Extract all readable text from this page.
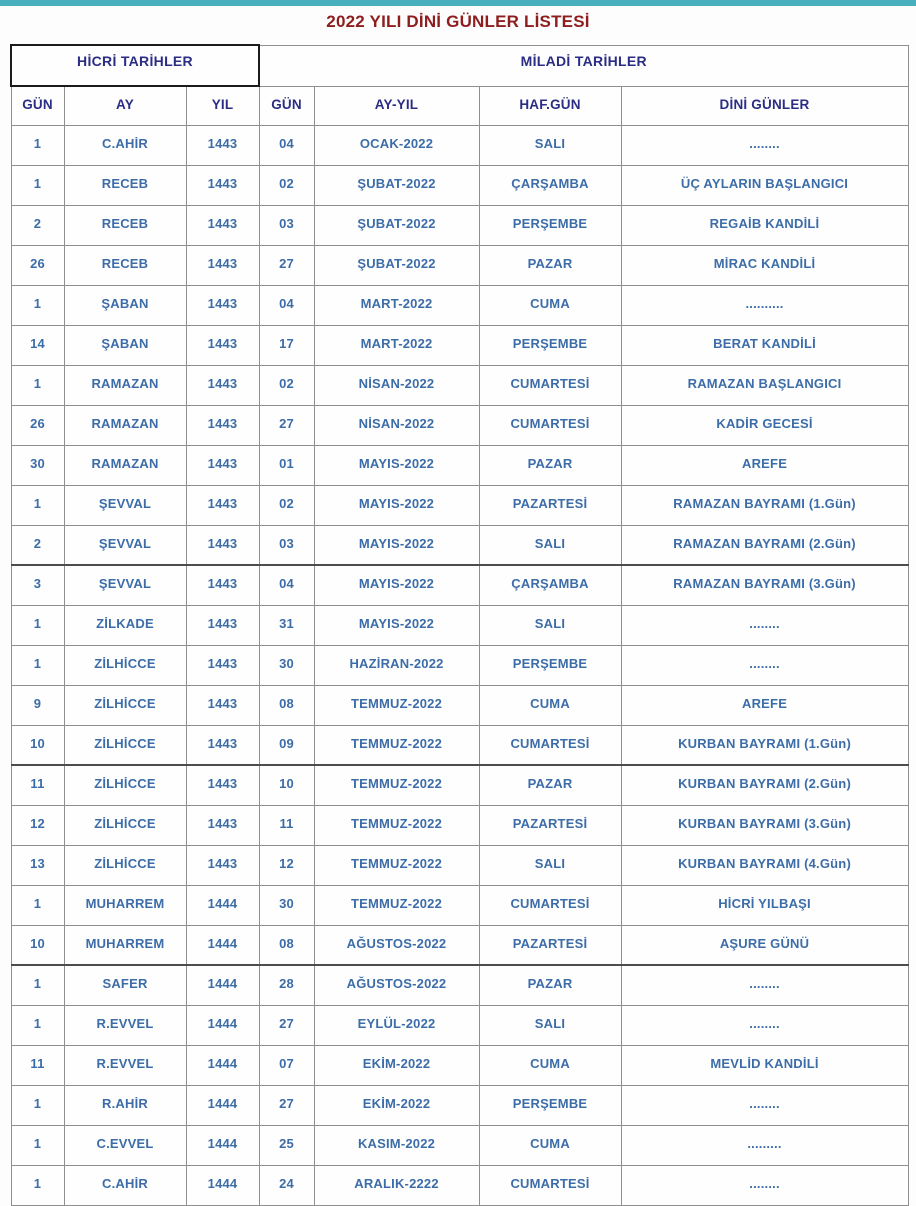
2022 YILI DİNİ GÜNLER LİSTESİ
HİCRİ TARİHLER			MİLADİ TARİHLER			
GÜN	AY	YIL	GÜN	AY-YIL	HAF.GÜN	DİNİ GÜNLER
1	C.AHİR	1443	04	OCAK-2022	SALI	........
1	RECEB	1443	02	ŞUBAT-2022	ÇARŞAMBA	ÜÇ AYLARIN BAŞLANGICI
2	RECEB	1443	03	ŞUBAT-2022	PERŞEMBE	REGAİB KANDİLİ
26	RECEB	1443	27	ŞUBAT-2022	PAZAR	MİRAC KANDİLİ
1	ŞABAN	1443	04	MART-2022	CUMA	..........
14	ŞABAN	1443	17	MART-2022	PERŞEMBE	BERAT KANDİLİ
1	RAMAZAN	1443	02	NİSAN-2022	CUMARTESİ	RAMAZAN BAŞLANGICI
26	RAMAZAN	1443	27	NİSAN-2022	CUMARTESİ	KADİR GECESİ
30	RAMAZAN	1443	01	MAYIS-2022	PAZAR	AREFE
1	ŞEVVAL	1443	02	MAYIS-2022	PAZARTESİ	RAMAZAN BAYRAMI (1.Gün)
2	ŞEVVAL	1443	03	MAYIS-2022	SALI	RAMAZAN BAYRAMI (2.Gün)
3	ŞEVVAL	1443	04	MAYIS-2022	ÇARŞAMBA	RAMAZAN BAYRAMI (3.Gün)
1	ZİLKADE	1443	31	MAYIS-2022	SALI	........
1	ZİLHİCCE	1443	30	HAZİRAN-2022	PERŞEMBE	........
9	ZİLHİCCE	1443	08	TEMMUZ-2022	CUMA	AREFE
10	ZİLHİCCE	1443	09	TEMMUZ-2022	CUMARTESİ	KURBAN BAYRAMI (1.Gün)
11	ZİLHİCCE	1443	10	TEMMUZ-2022	PAZAR	KURBAN BAYRAMI (2.Gün)
12	ZİLHİCCE	1443	11	TEMMUZ-2022	PAZARTESİ	KURBAN BAYRAMI (3.Gün)
13	ZİLHİCCE	1443	12	TEMMUZ-2022	SALI	KURBAN BAYRAMI (4.Gün)
1	MUHARREM	1444	30	TEMMUZ-2022	CUMARTESİ	HİCRİ YILBAŞI
10	MUHARREM	1444	08	AĞUSTOS-2022	PAZARTESİ	AŞURE GÜNÜ
1	SAFER	1444	28	AĞUSTOS-2022	PAZAR	........
1	R.EVVEL	1444	27	EYLÜL-2022	SALI	........
11	R.EVVEL	1444	07	EKİM-2022	CUMA	MEVLİD KANDİLİ
1	R.AHİR	1444	27	EKİM-2022	PERŞEMBE	........
1	C.EVVEL	1444	25	KASIM-2022	CUMA	.........
1	C.AHİR	1444	24	ARALIK-2222	CUMARTESİ	........
